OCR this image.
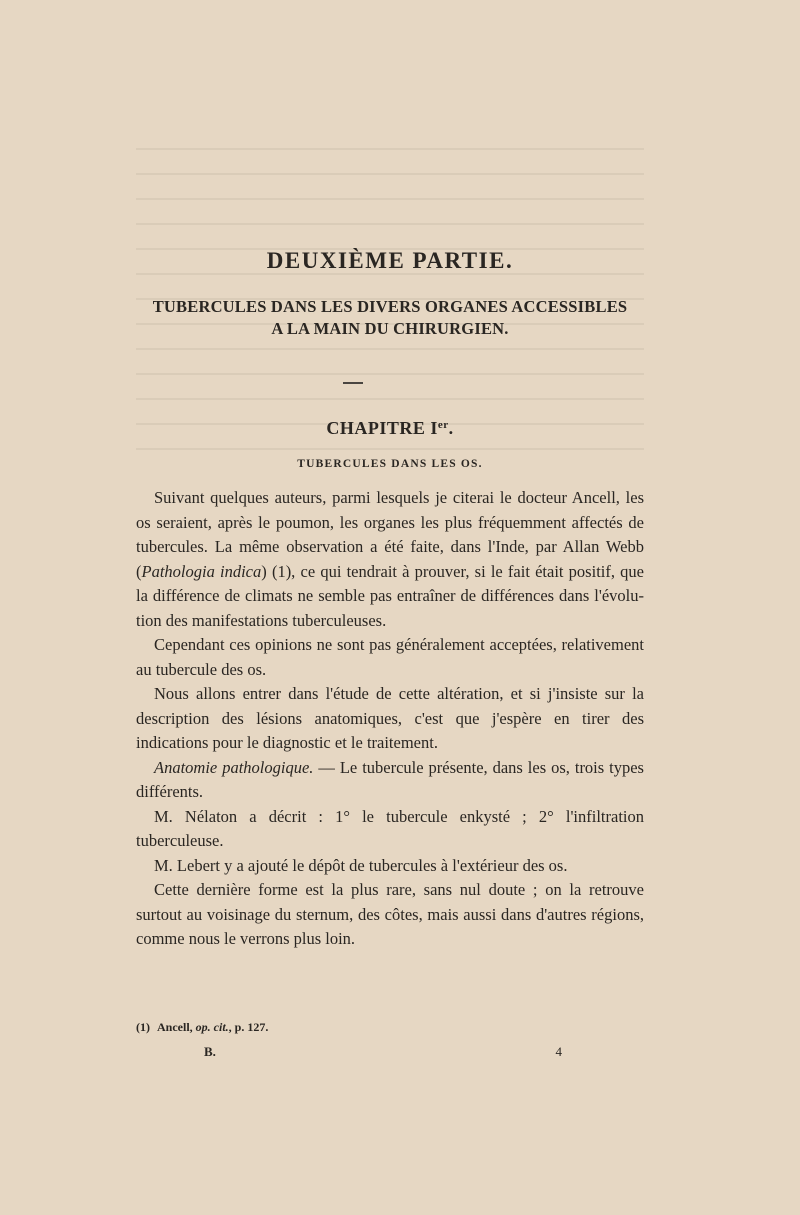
DEUXIÈME PARTIE.
TUBERCULES DANS LES DIVERS ORGANES ACCESSIBLES
A LA MAIN DU CHIRURGIEN.
CHAPITRE Ier.
TUBERCULES DANS LES OS.

Suivant quelques auteurs, parmi lesquels je citerai le docteur Ancell, les os seraient, après le poumon, les organes les plus fréquemment affectés de tubercules. La même observation a été faite, dans l'Inde, par Allan Webb (Pathologia indica) (1), ce qui tendrait à prouver, si le fait était positif, que la différence de climats ne semble pas entraîner de différences dans l'évolution des manifestations tuberculeuses.

Cependant ces opinions ne sont pas généralement acceptées, relativement au tubercule des os.

Nous allons entrer dans l'étude de cette altération, et si j'insiste sur la description des lésions anatomiques, c'est que j'espère en tirer des indications pour le diagnostic et le traitement.

Anatomie pathologique. — Le tubercule présente, dans les os, trois types différents.

M. Nélaton a décrit : 1° le tubercule enkysté ; 2° l'infiltration tuberculeuse.

M. Lebert y a ajouté le dépôt de tubercules à l'extérieur des os.

Cette dernière forme est la plus rare, sans nul doute ; on la retrouve surtout au voisinage du sternum, des côtes, mais aussi dans d'autres régions, comme nous le verrons plus loin.

(1) Ancell, op. cit., p. 127.
B.	4
